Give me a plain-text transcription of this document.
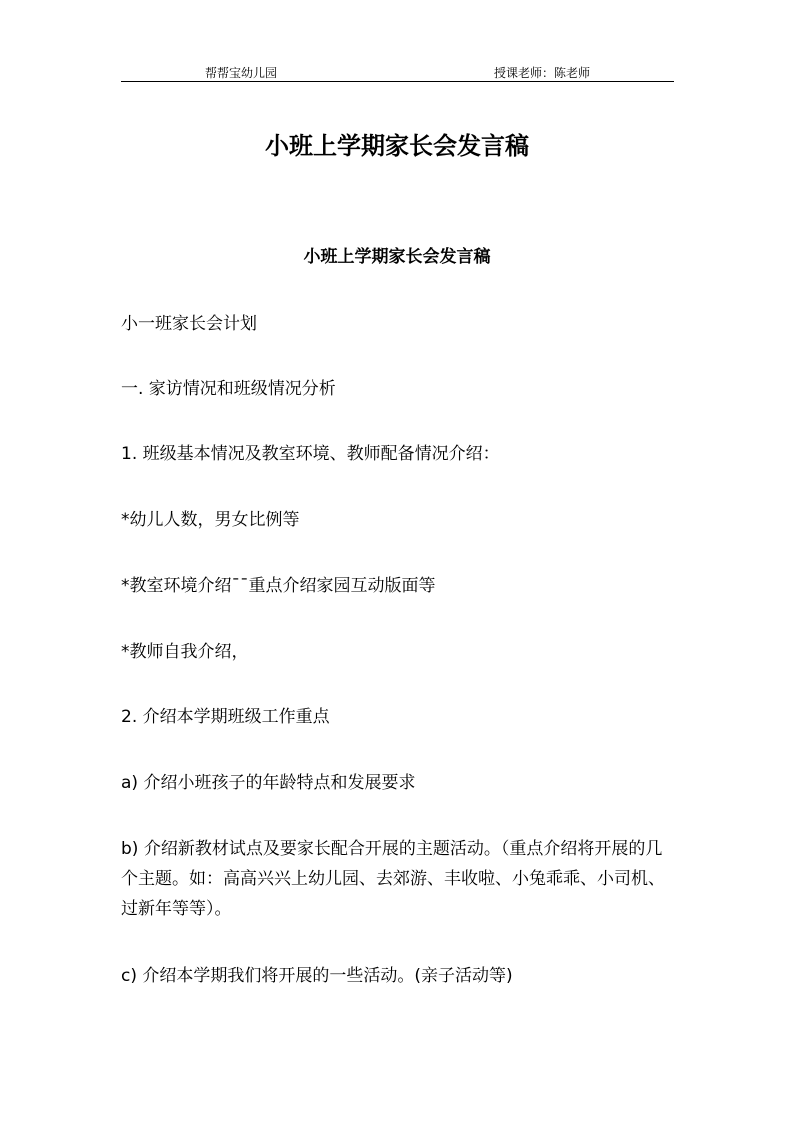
帮帮宝幼儿园	授课老师：陈老师
小班上学期家长会发言稿
小班上学期家长会发言稿
小一班家长会计划
一. 家访情况和班级情况分析
1. 班级基本情况及教室环境、教师配备情况介绍：
*幼儿人数，男女比例等
*教室环境介绍¯¯重点介绍家园互动版面等
*教师自我介绍，
2. 介绍本学期班级工作重点
a) 介绍小班孩子的年龄特点和发展要求
b) 介绍新教材试点及要家长配合开展的主题活动。（重点介绍将开展的几个主题。如：高高兴兴上幼儿园、去郊游、丰收啦、小兔乖乖、小司机、过新年等等）。
c) 介绍本学期我们将开展的一些活动。(亲子活动等)
